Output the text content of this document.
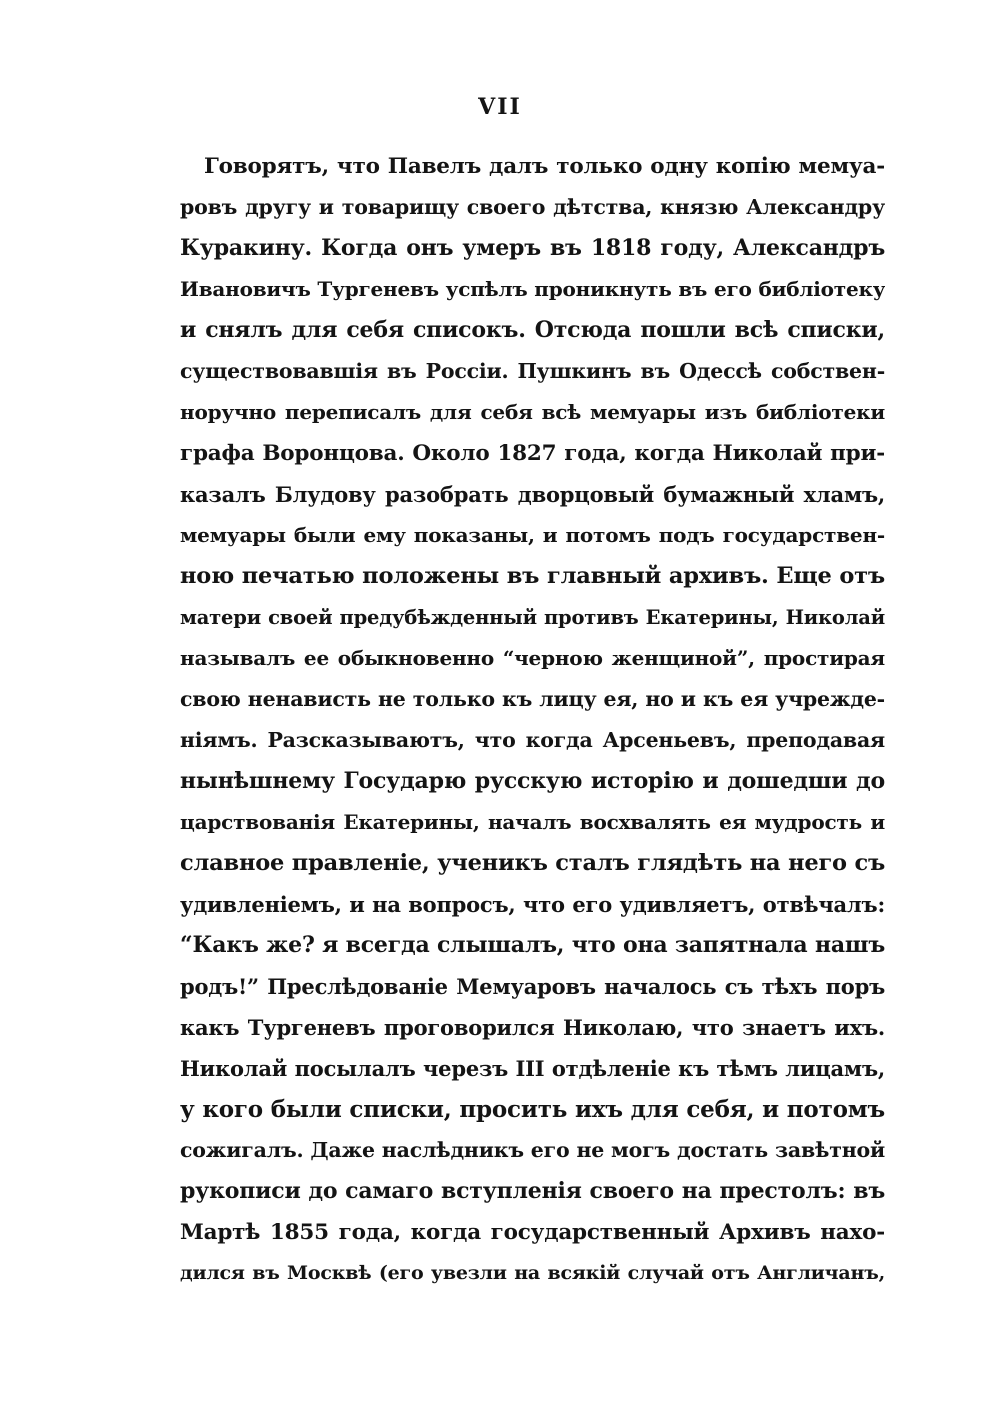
VII
Говорятъ, что Павелъ далъ только одну копію мемуа-
ровъ другу и товарищу своего дѣтства, князю Александру
Куракину. Когда онъ умеръ въ 1818 году, Александръ
Ивановичъ Тургеневъ успѣлъ проникнуть въ его библіотеку
и снялъ для себя списокъ. Отсюда пошли всѣ списки,
существовавшія въ Россіи. Пушкинъ въ Одессѣ собствен-
норучно переписалъ для себя всѣ мемуары изъ библіотеки
графа Воронцова. Около 1827 года, когда Николай при-
казалъ Блудову разобрать дворцовый бумажный хламъ,
мемуары были ему показаны, и потомъ подъ государствен-
ною печатью положены въ главный архивъ. Еще отъ
матери своей предубѣжденный противъ Екатерины, Николай
называлъ ее обыкновенно “черною женщиной”, простирая
свою ненависть не только къ лицу ея, но и къ ея учрежде-
ніямъ. Разсказываютъ, что когда Арсеньевъ, преподавая
нынѣшнему Государю русскую исторію и дошедши до
царствованія Екатерины, началъ восхвалять ея мудрость и
славное правленіе, ученикъ сталъ глядѣть на него съ
удивленіемъ, и на вопросъ, что его удивляетъ, отвѣчалъ:
“Какъ же? я всегда слышалъ, что она запятнала нашъ
родъ!” Преслѣдованіе Мемуаровъ началось съ тѣхъ поръ
какъ Тургеневъ проговорился Николаю, что знаетъ ихъ.
Николай посылалъ черезъ III отдѣленіе къ тѣмъ лицамъ,
у кого были списки, просить ихъ для себя, и потомъ
сожигалъ. Даже наслѣдникъ его не могъ достать завѣтной
рукописи до самаго вступленія своего на престолъ: въ
Мартѣ 1855 года, когда государственный Архивъ нахо-
дился въ Москвѣ (его увезли на всякій случай отъ Англичанъ,
